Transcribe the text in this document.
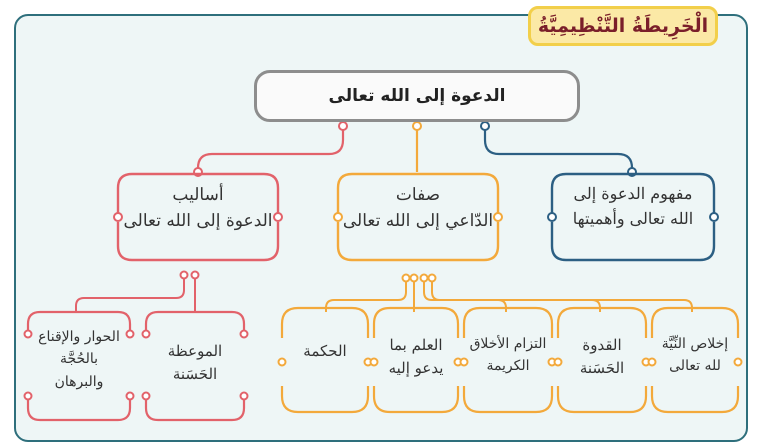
الْخَرِيطَةُ التَّنْظِيمِيَّةُ
الدعوة إلى الله تعالى
أساليب
الدعوة إلى الله تعالى
صفات
الدّاعي إلى الله تعالى
مفهوم الدعوة إلى
الله تعالى وأهميتها
الحوار والإقناع
بالحُجَّة
والبرهان
الموعظة
الحَسَنة
الحكمة	العلم بما
يدعو إليه
التزام الأخلاق
الكريمة
القدوة
الحَسَنة
إخلاص النِّيَّة
لله تعالى
